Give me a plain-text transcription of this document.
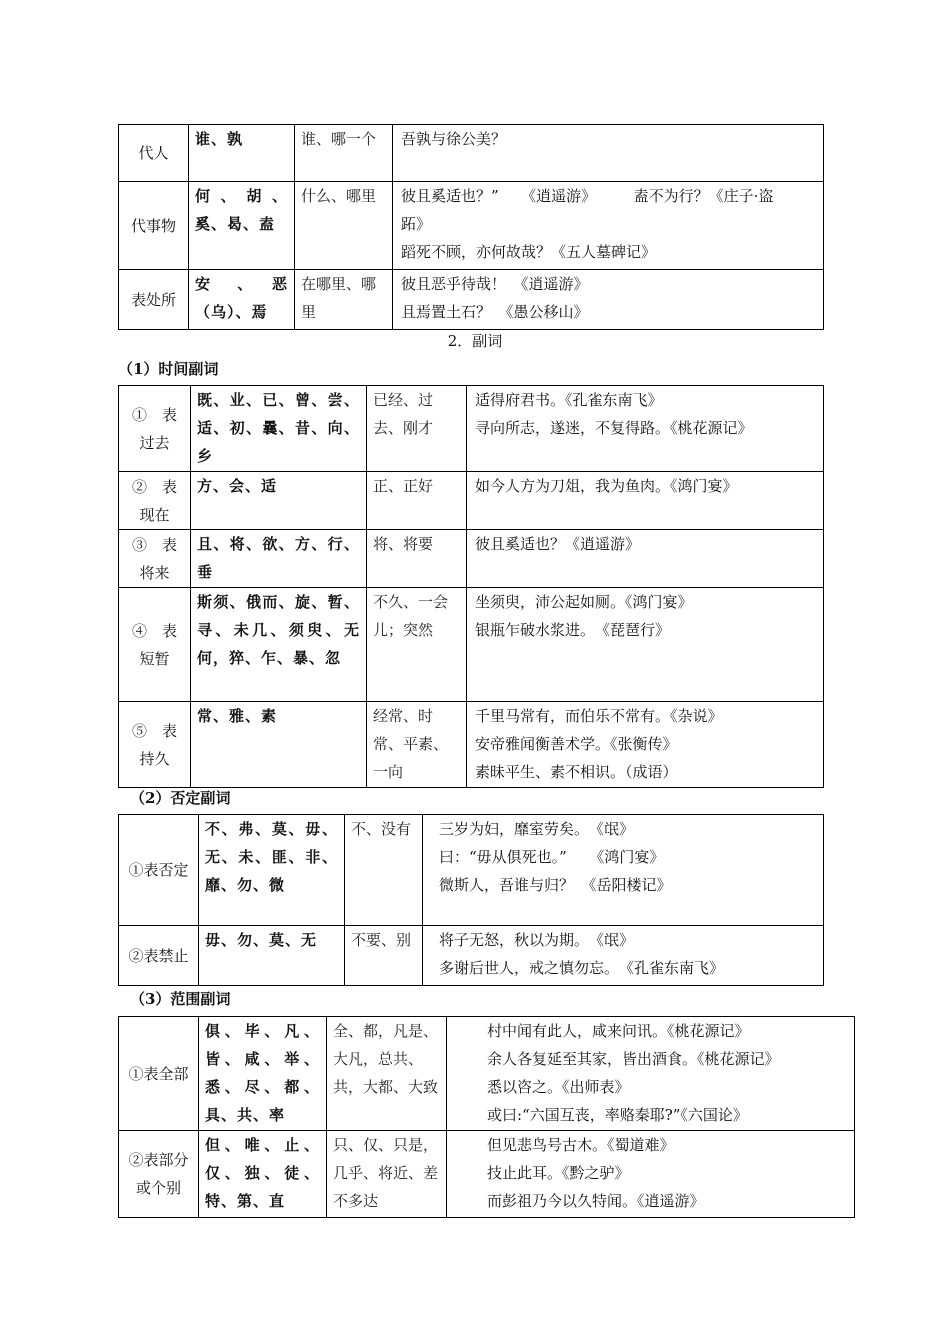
代人	谁、孰	谁、哪一个	吾孰与徐公美？

代事物	何、胡、奚、曷、盍	什么、哪里	彼且奚适也？”　　《逍遥游》　　　盍不为行？《庄子·盗
跖》
蹈死不顾，亦何故哉？《五人墓碑记》

表处所	安　、　恶（乌）、焉	在哪里、哪里	彼且恶乎待哉！　《逍遥游》
且焉置土石？　《愚公移山》
2．副词
（1）时间副词
①　表过去	既、业、已、曾、尝、适、初、曩、昔、向、乡	已经、过去、刚才	适得府君书。《孔雀东南飞》
寻向所志，遂迷，不复得路。《桃花源记》

②　表现在	方、会、适	正、正好	如今人方为刀俎，我为鱼肉。《鸿门宴》

③　表将来	且、将、欲、方、行、垂	将、将要	彼且奚适也？《逍遥游》

④　表短暂	斯须、俄而、旋、暂、寻、未几、须臾、无何，猝、乍、暴、忽	不久、一会儿；突然	坐须臾，沛公起如厕。《鸿门宴》
银瓶乍破水浆进。　《琵琶行》

⑤　表持久	常、雅、素	经常、时常、平素、一向	千里马常有，而伯乐不常有。《杂说》
安帝雅闻衡善术学。《张衡传》
素昧平生、素不相识。（成语）
（2）否定副词
①表否定	不、弗、莫、毋、无、未、匪、非、靡、勿、微	不、没有	三岁为妇，靡室劳矣。　《氓》
曰：“毋从俱死也。”　　《鸿门宴》
微斯人，吾谁与归？　《岳阳楼记》

②表禁止	毋、勿、莫、无	不要、别	将子无怒，秋以为期。　《氓》
多谢后世人，戒之慎勿忘。　《孔雀东南飞》
（3）范围副词
①表全部	俱、毕、凡、皆、咸、举、悉、尽、都、具、共、率	全、都，凡是、大凡，总共、共，大都、大致	村中闻有此人，咸来问讯。《桃花源记》
余人各复延至其家，皆出酒食。《桃花源记》
悉以咨之。《出师表》
或曰:“六国互丧，率赂秦耶?”《六国论》

②表部分或个别	但、唯、止、仅、独、徒、特、第、直	只、仅、只是，几乎、将近、差不多达	但见悲鸟号古木。《蜀道难》
技止此耳。《黔之驴》
而彭祖乃今以久特闻。《逍遥游》
